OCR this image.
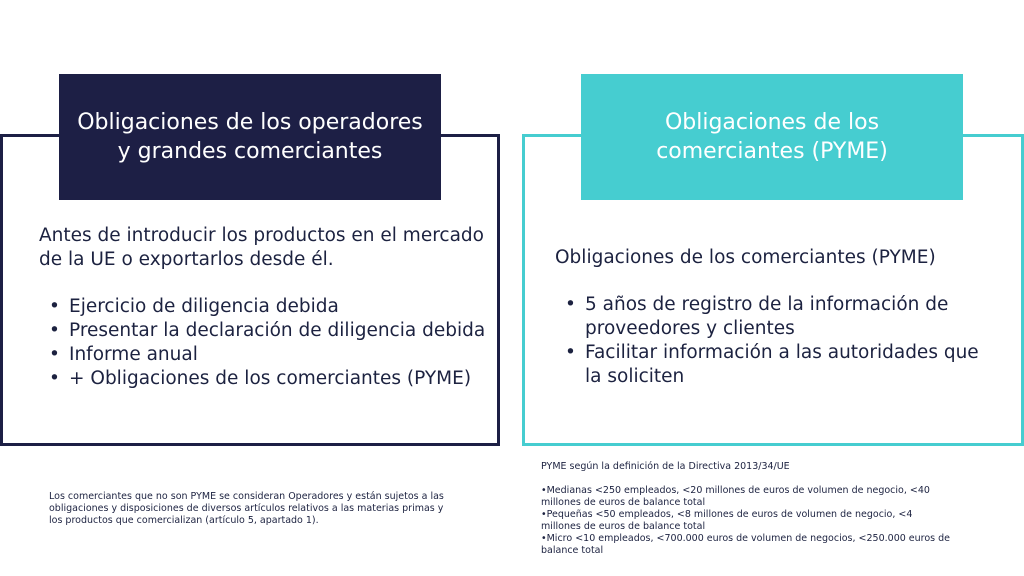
Obligaciones de los operadores y grandes comerciantes
Obligaciones de los comerciantes (PYME)

Antes de introducir los productos en el mercado de la UE o exportarlos desde él.

• Ejercicio de diligencia debida
• Presentar la declaración de diligencia debida
• Informe anual
• + Obligaciones de los comerciantes (PYME)

Obligaciones de los comerciantes (PYME)

• 5 años de registro de la información de proveedores y clientes
• Facilitar información a las autoridades que la soliciten
Los comerciantes que no son PYME se consideran Operadores y están sujetos a las obligaciones y disposiciones de diversos artículos relativos a las materias primas y los productos que comercializan (artículo 5, apartado 1).
PYME según la definición de la Directiva 2013/34/UE
•Medianas <250 empleados, <20 millones de euros de volumen de negocio, <40 millones de euros de balance total
•Pequeñas <50 empleados, <8 millones de euros de volumen de negocio, <4 millones de euros de balance total
•Micro <10 empleados, <700.000 euros de volumen de negocios, <250.000 euros de balance total
